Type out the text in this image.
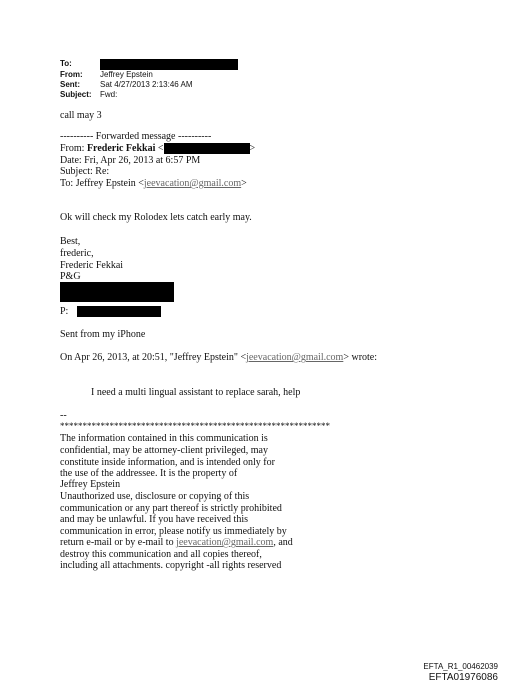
To:
From: Jeffrey Epstein
Sent:	Sat 4/27/2013 2:13:46 AM
Subject: Fwd:
call may 3
---------- Forwarded message ----------
From: Frederic Fekkai <	>
Date: Fri, Apr 26, 2013 at 6:57 PM
Subject: Re:
To: Jeffrey Epstein <jeevacation@gmail.com>
Ok will check my Rolodex lets catch early may.
Best,
frederic,
Frederic Fekkai
P&G
P:
Sent from my iPhone
On Apr 26, 2013, at 20:51, "Jeffrey Epstein" <jeevacation@gmail.com> wrote:
I need a multi lingual assistant to replace sarah, help
--
************************************************************
The information contained in this communication is
confidential, may be attorney-client privileged, may
constitute inside information, and is intended only for
the use of the addressee. It is the property of
Jeffrey Epstein
Unauthorized use, disclosure or copying of this
communication or any part thereof is strictly prohibited
and may be unlawful. If you have received this
communication in error, please notify us immediately by
return e-mail or by e-mail to jeevacation@gmail.com, and
destroy this communication and all copies thereof,
including all attachments. copyright -all rights reserved
EFTA_R1_00462039
EFTA01976086
